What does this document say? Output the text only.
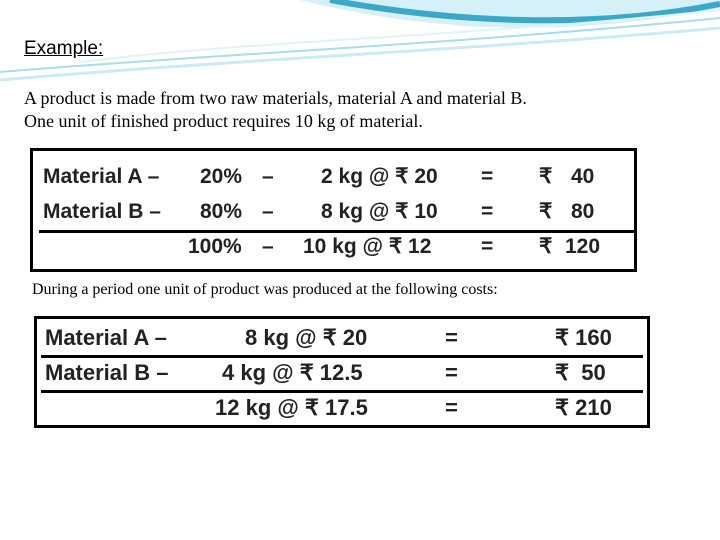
Example:
A product is made from two raw materials, material A and material B.
One unit of finished product requires 10 kg of material.
Material A – 20% – 2 kg @ ₹ 20 = ₹ 40
Material B – 80% – 8 kg @ ₹ 10 = ₹ 80
100% – 10 kg @ ₹ 12 = ₹ 120
During a period one unit of product was produced at the following costs:
Material A –	8 kg @ ₹ 20	=	₹ 160
Material B – 4 kg @ ₹ 12.5	=	₹  50
12 kg @ ₹ 17.5	=	₹ 210
